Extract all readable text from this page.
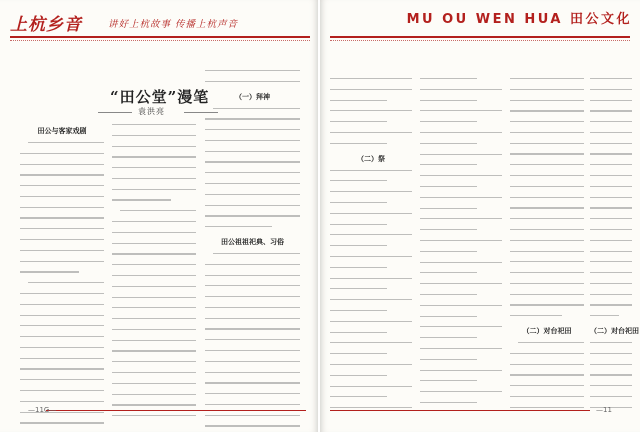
上杭乡音	讲好上杭故事 传播上杭声音	MU OU WEN HUA 田公文化
“田公堂”漫笔
袁洪亮
田公与客家戏剧
（一）拜神
田公祖祖祀典、习俗
（二）祭
（二）对台祀田	（二）对台祀田
—11G—	—11
